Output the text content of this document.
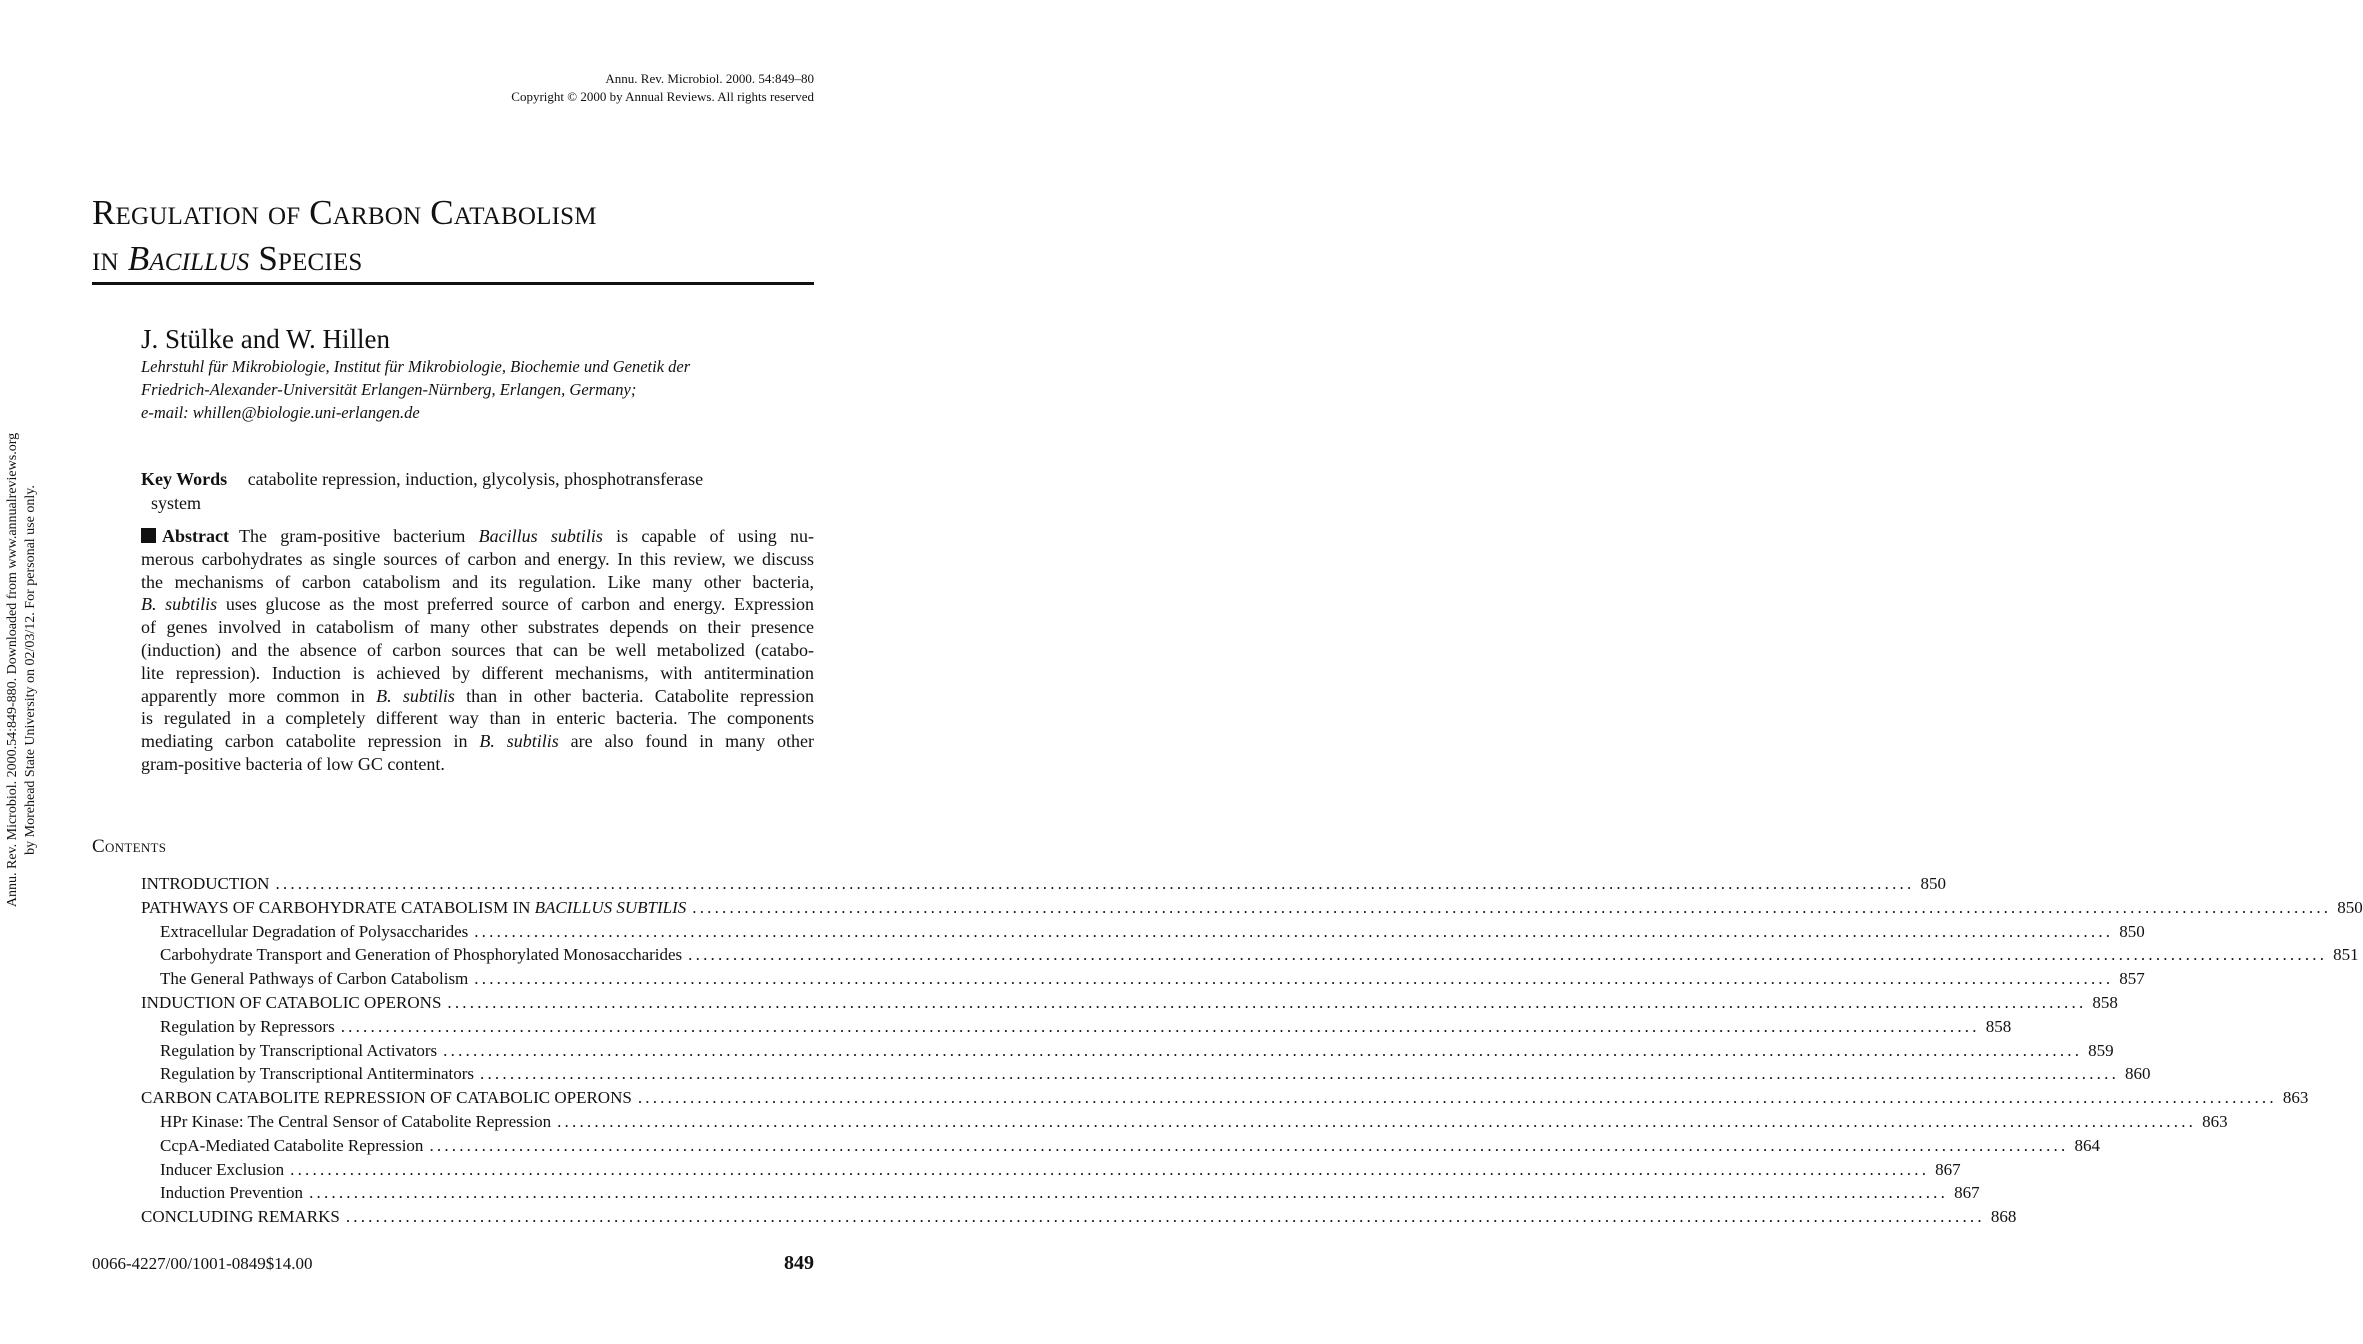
Annu. Rev. Microbiol. 2000. 54:849–80
Copyright © 2000 by Annual Reviews. All rights reserved
Annu. Rev. Microbiol. 2000.54:849-880. Downloaded from www.annualreviews.org by Morehead State University on 02/03/12. For personal use only.
Regulation of Carbon Catabolism
in Bacillus Species
J. Stülke and W. Hillen
Lehrstuhl für Mikrobiologie, Institut für Mikrobiologie, Biochemie und Genetik der
Friedrich-Alexander-Universität Erlangen-Nürnberg, Erlangen, Germany;
e-mail: whillen@biologie.uni-erlangen.de
Key Words catabolite repression, induction, glycolysis, phosphotransferase
system
Abstract The gram-positive bacterium Bacillus subtilis is capable of using nu-
merous carbohydrates as single sources of carbon and energy. In this review, we discuss
the mechanisms of carbon catabolism and its regulation. Like many other bacteria,
B. subtilis uses glucose as the most preferred source of carbon and energy. Expression
of genes involved in catabolism of many other substrates depends on their presence
(induction) and the absence of carbon sources that can be well metabolized (catabo-
lite repression). Induction is achieved by different mechanisms, with antitermination
apparently more common in B. subtilis than in other bacteria. Catabolite repression
is regulated in a completely different way than in enteric bacteria. The components
mediating carbon catabolite repression in B. subtilis are also found in many other
gram-positive bacteria of low GC content.
Contents
INTRODUCTION ............................................................................................................................................................................................................................ 850
PATHWAYS OF CARBOHYDRATE CATABOLISM IN BACILLUS SUBTILIS ............................................................................................................................................................................................................................ 850
Extracellular Degradation of Polysaccharides ............................................................................................................................................................................................................................ 850
Carbohydrate Transport and Generation of Phosphorylated Monosaccharides ............................................................................................................................................................................................................................ 851
The General Pathways of Carbon Catabolism ............................................................................................................................................................................................................................ 857
INDUCTION OF CATABOLIC OPERONS ............................................................................................................................................................................................................................ 858
Regulation by Repressors ............................................................................................................................................................................................................................ 858
Regulation by Transcriptional Activators ............................................................................................................................................................................................................................ 859
Regulation by Transcriptional Antiterminators ............................................................................................................................................................................................................................ 860
CARBON CATABOLITE REPRESSION OF CATABOLIC OPERONS ............................................................................................................................................................................................................................ 863
HPr Kinase: The Central Sensor of Catabolite Repression ............................................................................................................................................................................................................................ 863
CcpA-Mediated Catabolite Repression ............................................................................................................................................................................................................................ 864
Inducer Exclusion ............................................................................................................................................................................................................................ 867
Induction Prevention ............................................................................................................................................................................................................................ 867
CONCLUDING REMARKS ............................................................................................................................................................................................................................ 868
0066-4227/00/1001-0849$14.00	849
